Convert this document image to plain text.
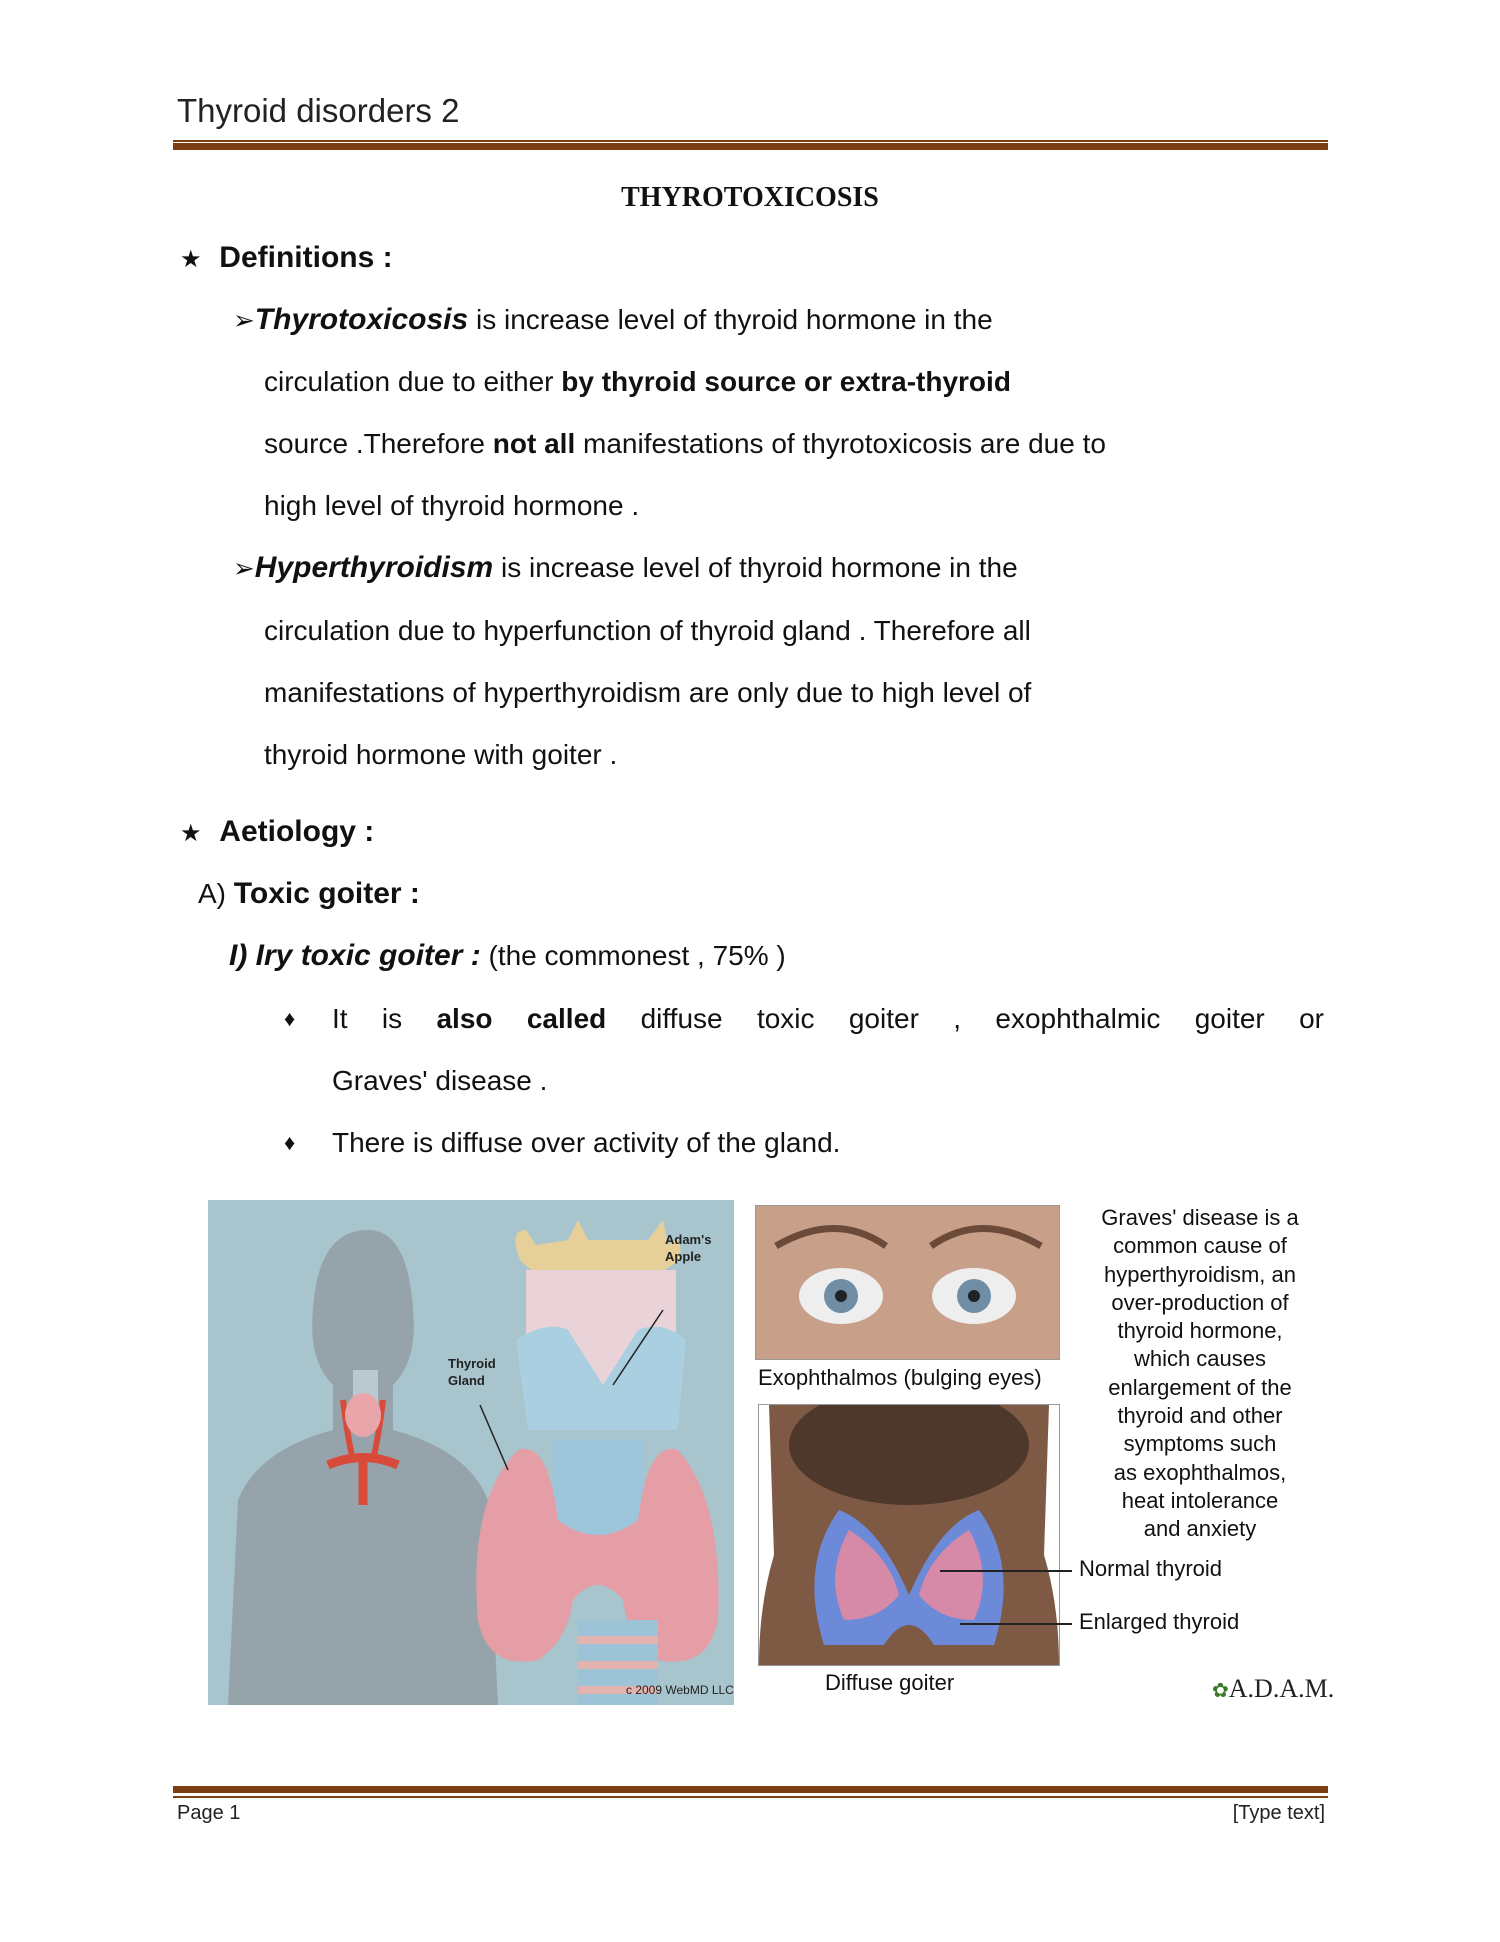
Thyroid disorders 2
THYROTOXICOSIS
★ Definitions :
➢Thyrotoxicosis is increase level of thyroid hormone in the
circulation due to either by thyroid source or extra-thyroid
source .Therefore not all manifestations of thyrotoxicosis are due to
high level of thyroid hormone .
➢Hyperthyroidism is increase level of thyroid hormone in the
circulation due to hyperfunction of thyroid gland . Therefore all
manifestations of hyperthyroidism are only due to high level of
thyroid hormone with goiter .
★ Aetiology :
A) Toxic goiter :
I) Iry toxic goiter : (the commonest , 75% )
♦ It is also called diffuse toxic goiter , exophthalmic goiter or
Graves' disease .
♦ There is diffuse over activity of the gland.
Adam's
Apple
Thyroid
Gland
c 2009 WebMD LLC
Exophthalmos (bulging eyes)
Diffuse goiter
Graves' disease is a
common cause of
hyperthyroidism, an
over-production of
thyroid hormone,
which causes
enlargement of the
thyroid and other
symptoms such
as exophthalmos,
heat intolerance
and anxiety
Normal thyroid
Enlarged thyroid
✿A.D.A.M.
Page 1	[Type text]
